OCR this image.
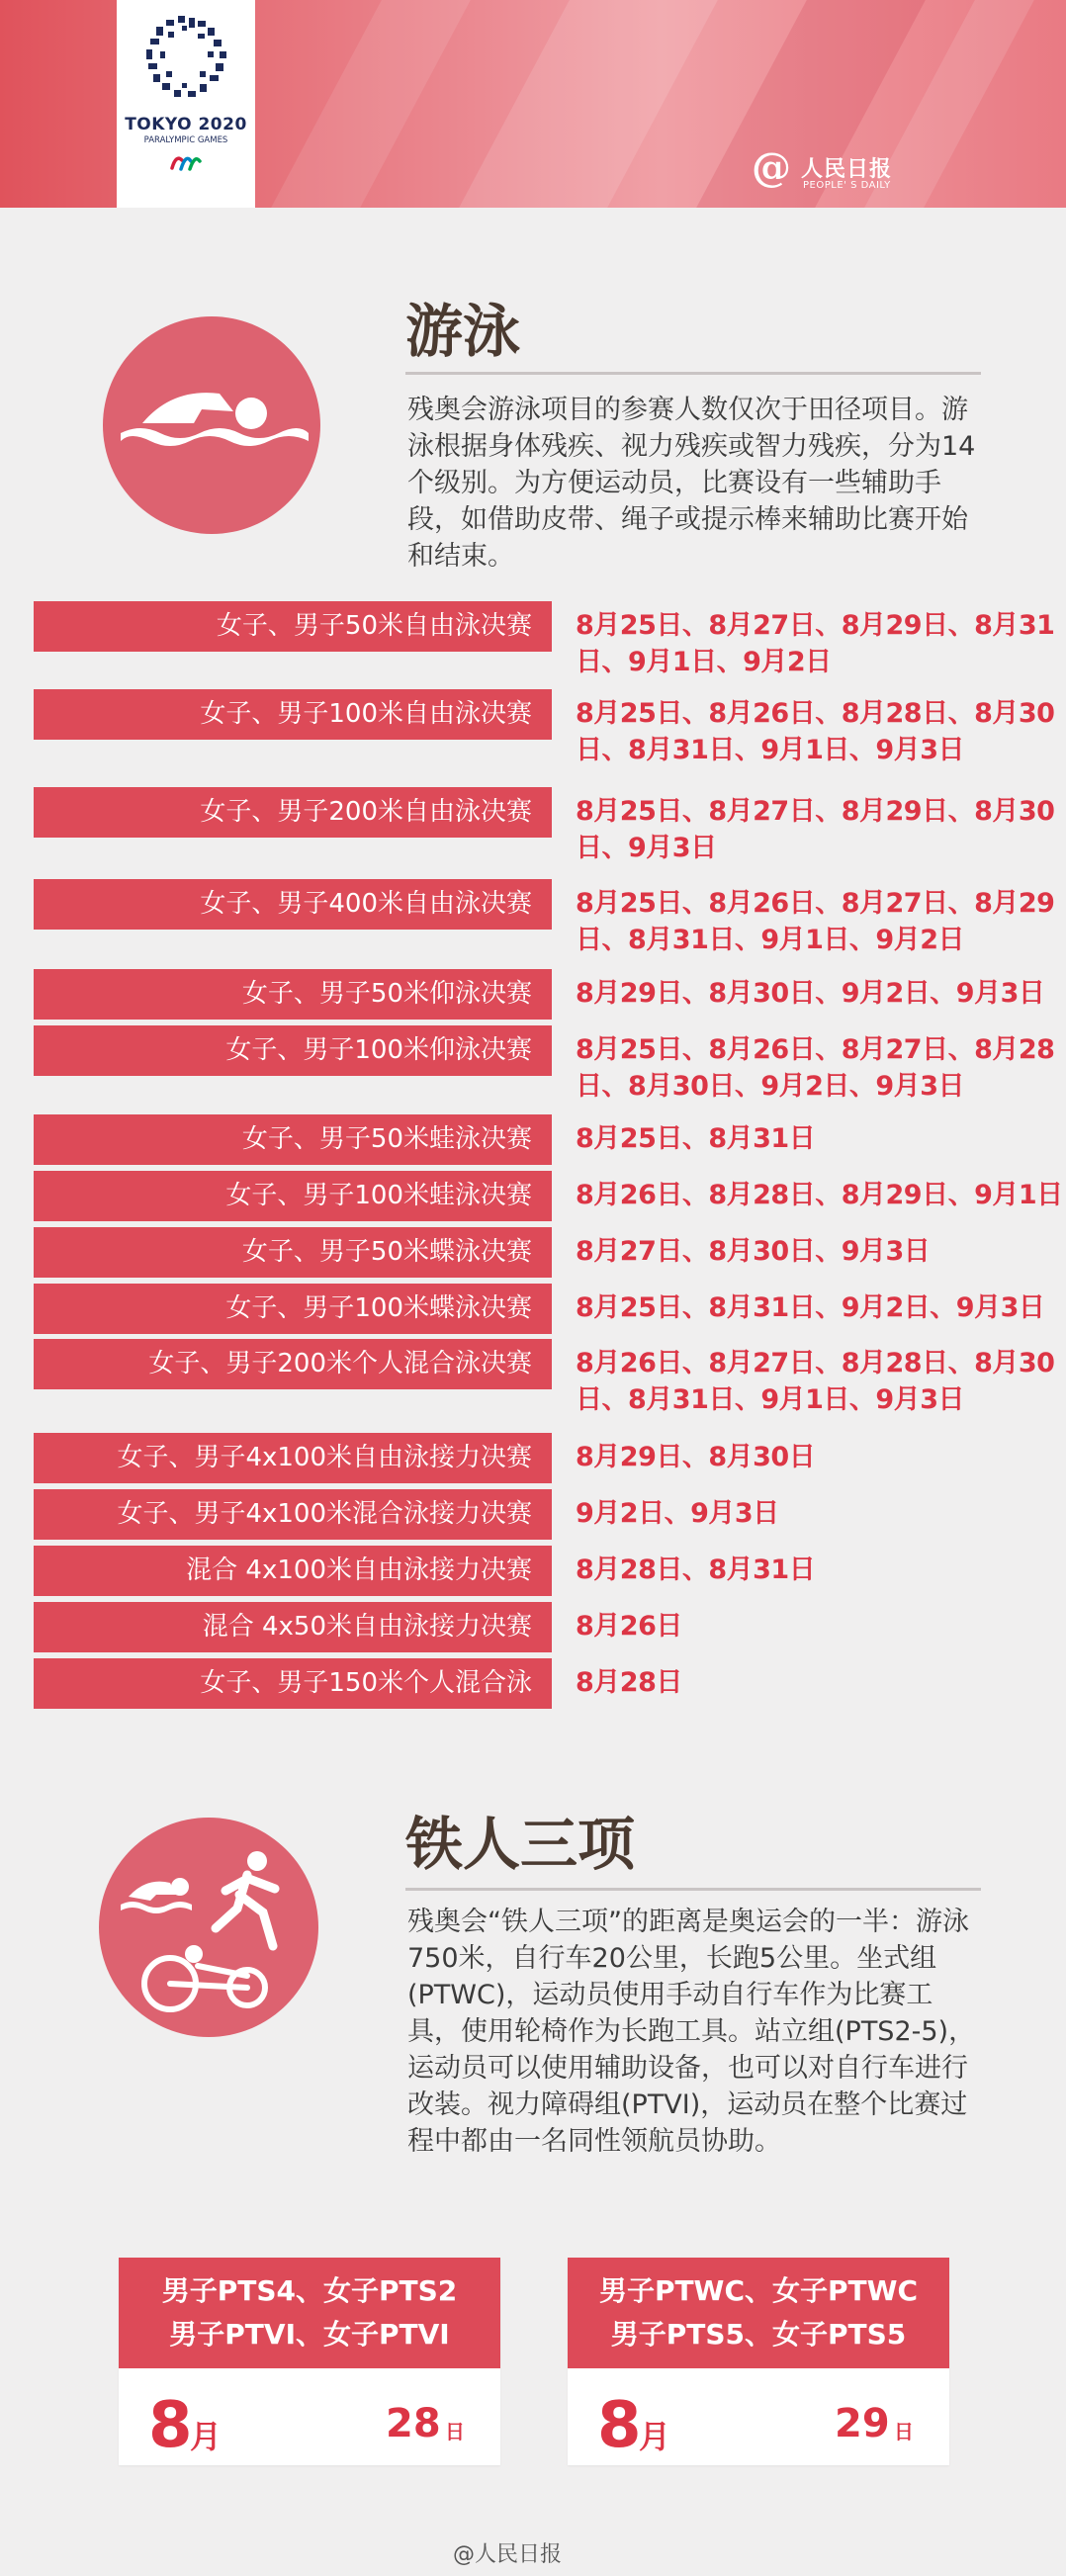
TOKYO 2020
PARALYMPIC GAMES
@ 人民日报
PEOPLE' S DAILY
游泳
残奥会游泳项目的参赛人数仅次于田径项目。游泳根据身体残疾、视力残疾或智力残疾，分为14个级别。为方便运动员，比赛设有一些辅助手段，如借助皮带、绳子或提示棒来辅助比赛开始和结束。
女子、男子50米自由泳决赛	8月25日、8月27日、8月29日、8月31日、9月1日、9月2日
女子、男子100米自由泳决赛	8月25日、8月26日、8月28日、8月30日、8月31日、9月1日、9月3日
女子、男子200米自由泳决赛	8月25日、8月27日、8月29日、8月30日、9月3日
女子、男子400米自由泳决赛	8月25日、8月26日、8月27日、8月29日、8月31日、9月1日、9月2日
女子、男子50米仰泳决赛	8月29日、8月30日、9月2日、9月3日
女子、男子100米仰泳决赛	8月25日、8月26日、8月27日、8月28日、8月30日、9月2日、9月3日
女子、男子50米蛙泳决赛	8月25日、8月31日
女子、男子100米蛙泳决赛	8月26日、8月28日、8月29日、9月1日
女子、男子50米蝶泳决赛	8月27日、8月30日、9月3日
女子、男子100米蝶泳决赛	8月25日、8月31日、9月2日、9月3日
女子、男子200米个人混合泳决赛	8月26日、8月27日、8月28日、8月30日、8月31日、9月1日、9月3日
女子、男子4x100米自由泳接力决赛	8月29日、8月30日
女子、男子4x100米混合泳接力决赛	9月2日、9月3日
混合 4x100米自由泳接力决赛	8月28日、8月31日
混合 4x50米自由泳接力决赛	8月26日
女子、男子150米个人混合泳	8月28日
铁人三项
残奥会“铁人三项”的距离是奥运会的一半：游泳750米，自行车20公里，长跑5公里。坐式组(PTWC)，运动员使用手动自行车作为比赛工具，使用轮椅作为长跑工具。站立组(PTS2-5)，运动员可以使用辅助设备，也可以对自行车进行改装。视力障碍组(PTVI)，运动员在整个比赛过程中都由一名同性领航员协助。
男子PTS4、女子PTS2
男子PTVI、女子PTVI
8
月	28 日
男子PTWC、女子PTWC
男子PTS5、女子PTS5
8
月	29 日
@人民日报
